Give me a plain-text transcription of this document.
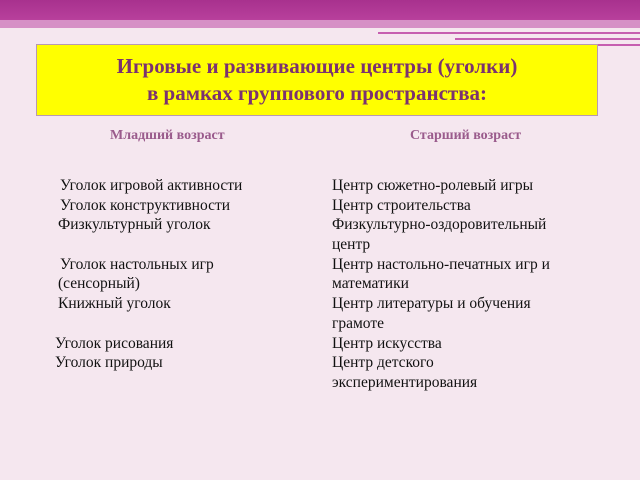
Игровые и развивающие центры (уголки)
в рамках группового пространства:
Младший возраст	Старший возраст
Уголок игровой активности
Уголок конструктивности
Физкультурный уголок
Уголок настольных игр
(сенсорный)
Книжный уголок
Уголок рисования
Уголок природы
Центр сюжетно-ролевый игры
Центр строительства
Физкультурно-оздоровительный
центр
Центр настольно-печатных игр и
математики
Центр литературы и обучения
грамоте
Центр искусства
Центр детского
экспериментирования
